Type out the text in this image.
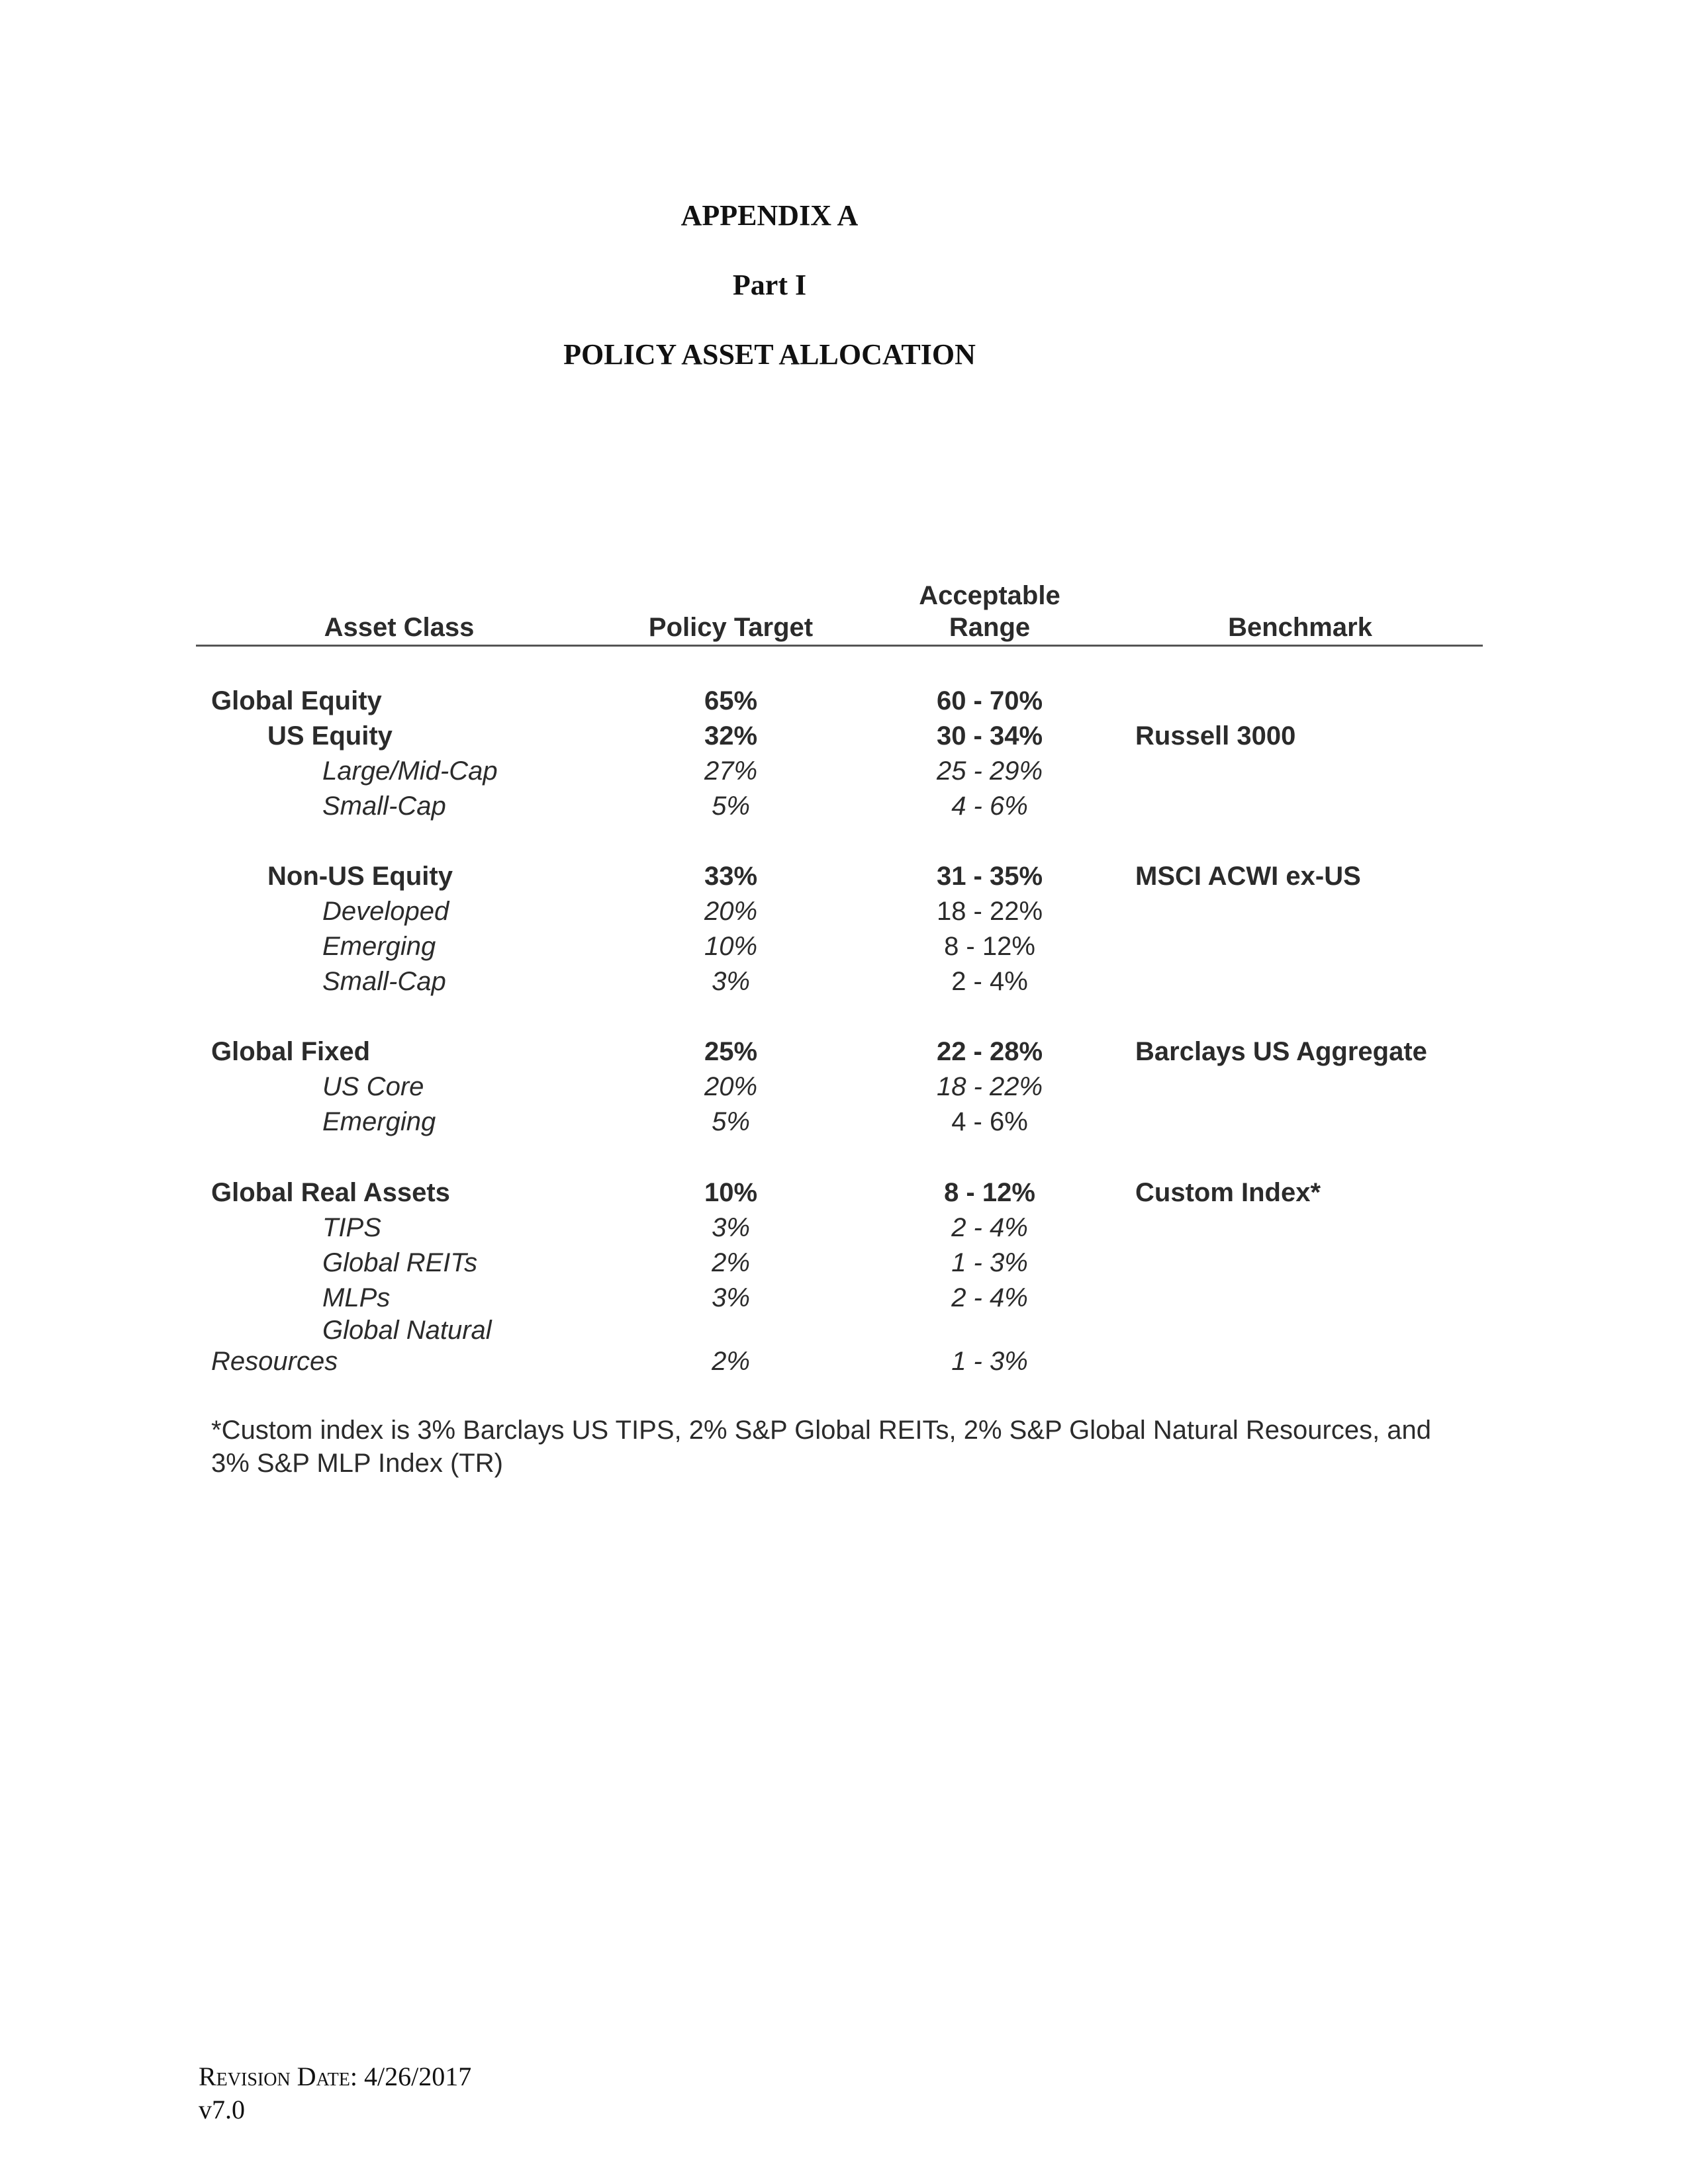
APPENDIX A
Part I
POLICY ASSET ALLOCATION
Asset Class	Policy Target
Acceptable
Range	Benchmark
Global Equity	65%	60 - 70%
US Equity	32%	30 - 34%	Russell 3000
Large/Mid-Cap	27%	25 - 29%
Small-Cap	5%	4 - 6%
Non-US Equity	33%	31 - 35%	MSCI ACWI ex-US
Developed	20%	18 - 22%
Emerging	10%	8 - 12%
Small-Cap	3%	2 - 4%
Global Fixed	25%	22 - 28%	Barclays US Aggregate
US Core	20%	18 - 22%
Emerging	5%	4 - 6%
Global Real Assets	10%	8 - 12%	Custom Index*
TIPS	3%	2 - 4%
Global REITs	2%	1 - 3%
MLPs	3%	2 - 4%
Global Natural
Resources	2%	1 - 3%

*Custom index is 3% Barclays US TIPS, 2% S&P Global REITs, 2% S&P Global Natural Resources, and 3% S&P MLP Index (TR)

Revision Date: 4/26/2017
v7.0
